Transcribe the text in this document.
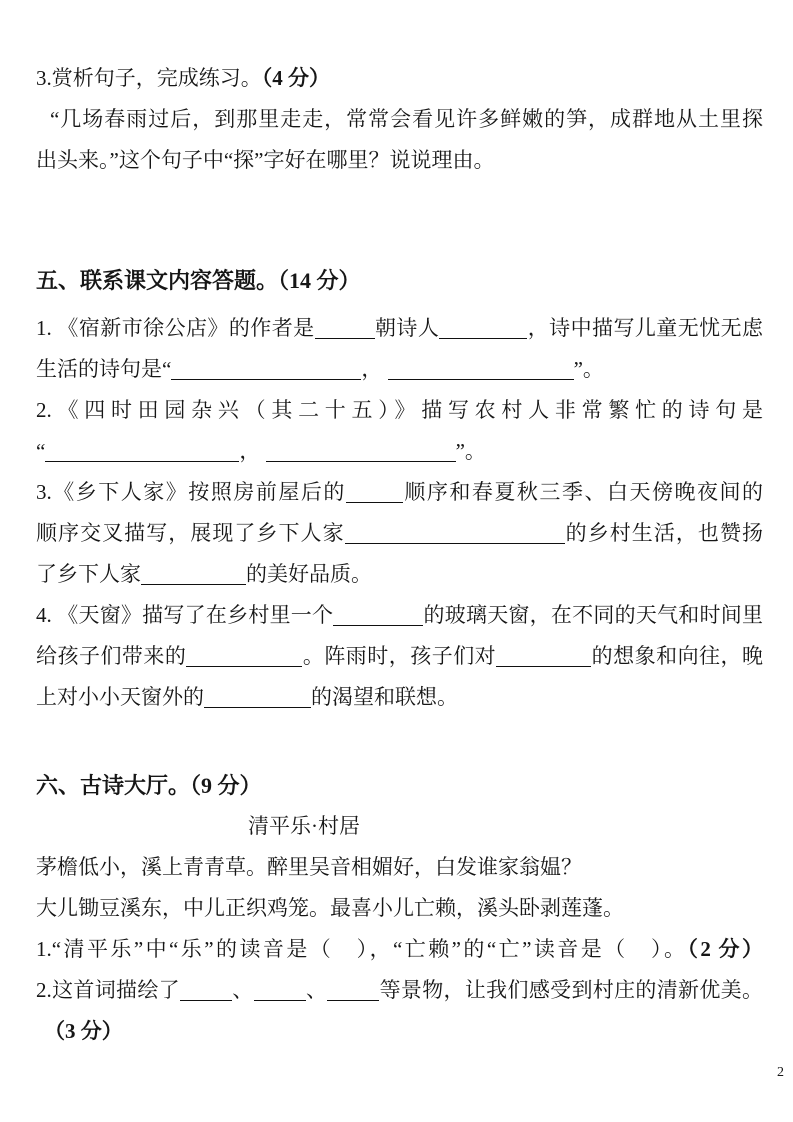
3.赏析句子，完成练习。（4 分）
“几场春雨过后，到那里走走，常常会看见许多鲜嫩的笋，成群地从土里探
出头来。”这个句子中“探”字好在哪里？说说理由。
五、联系课文内容答题。（14 分）
1. 《宿新市徐公店》的作者是	朝诗人	，诗中描写儿童无忧无虑
生活的诗句是“	，	”。
2.《四时田园杂兴（其二十五）》描写农村人非常繁忙的诗句是
“	，	”。
3.《乡下人家》按照房前屋后的	顺序和春夏秋三季、白天傍晚夜间的
顺序交叉描写，展现了乡下人家	的乡村生活，也赞扬
了乡下人家	的美好品质。
4. 《天窗》描写了在乡村里一个	的玻璃天窗，在不同的天气和时间里
给孩子们带来的	。阵雨时，孩子们对	的想象和向往，晚
上对小小天窗外的	的渴望和联想。
六、古诗大厅。（9 分）
清平乐·村居
茅檐低小，溪上青青草。醉里吴音相媚好，白发谁家翁媪？
大儿锄豆溪东，中儿正织鸡笼。最喜小儿亡赖，溪头卧剥莲蓬。
1.“清平乐”中“乐”的读音是（　），“亡赖”的“亡”读音是（　）。（2 分）
2.这首词描绘了 、 、 等景物，让我们感受到村庄的清新优美。
（3 分）
2
